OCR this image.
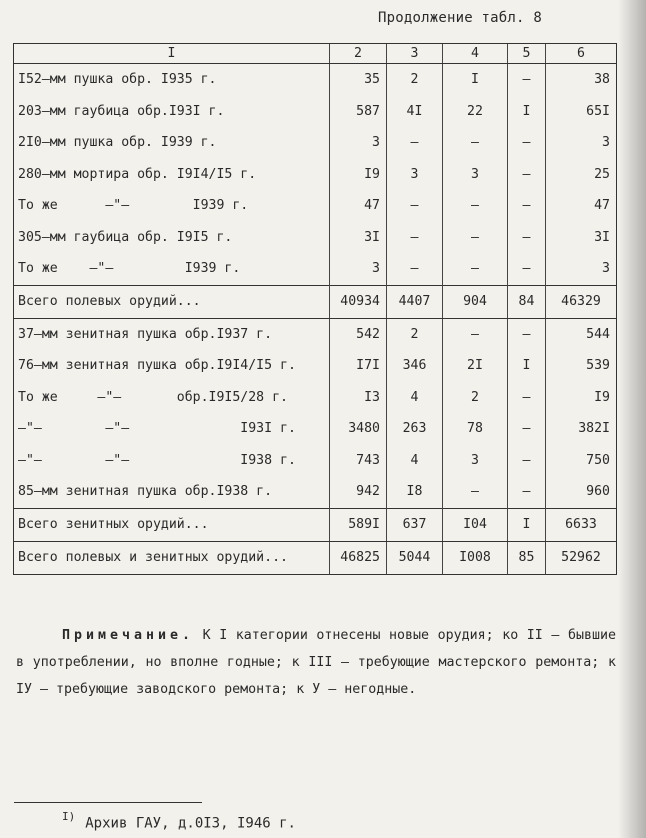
Продолжение табл. 8
I	2	3	4	5	6
I52–мм пушка обр. I935 г.	35	2	I	–	38
203–мм гаубица обр.I93I г.	587	4I	22	I	65I
2I0–мм пушка обр. I939 г.	3	–	–	–	3
280–мм мортира обр. I9I4/I5 г.	I9	3	3	–	25
То же      –"–        I939 г.	47	–	–	–	47
305–мм гаубица обр. I9I5 г.	3I	–	–	–	3I
То же    –"–         I939 г.	3	–	–	–	3
Всего полевых орудий...	40934	4407	904	84	46329
37–мм зенитная пушка обр.I937 г.	542	2	–	–	544
76–мм зенитная пушка обр.I9I4/I5 г.	I7I	346	2I	I	539
То же     –"–       обр.I9I5/28 г.	I3	4	2	–	I9
–"–        –"–              I93I г.	3480	263	78	–	382I
–"–        –"–              I938 г.	743	4	3	–	750
85–мм зенитная пушка обр.I938 г.	942	I8	–	–	960
Всего зенитных орудий...	589I	637	I04	I	6633
Всего полевых и зенитных орудий...	46825	5044	I008	85	52962
Примечание. К I категории отнесены новые орудия; ко II – бывшие в употреблении, но вполне годные; к III – требующие мастерского ремонта; к IУ – требующие заводского ремонта; к У – негодные.
$^{I)}$ Архив ГАУ, д.0I3, I946 г.
